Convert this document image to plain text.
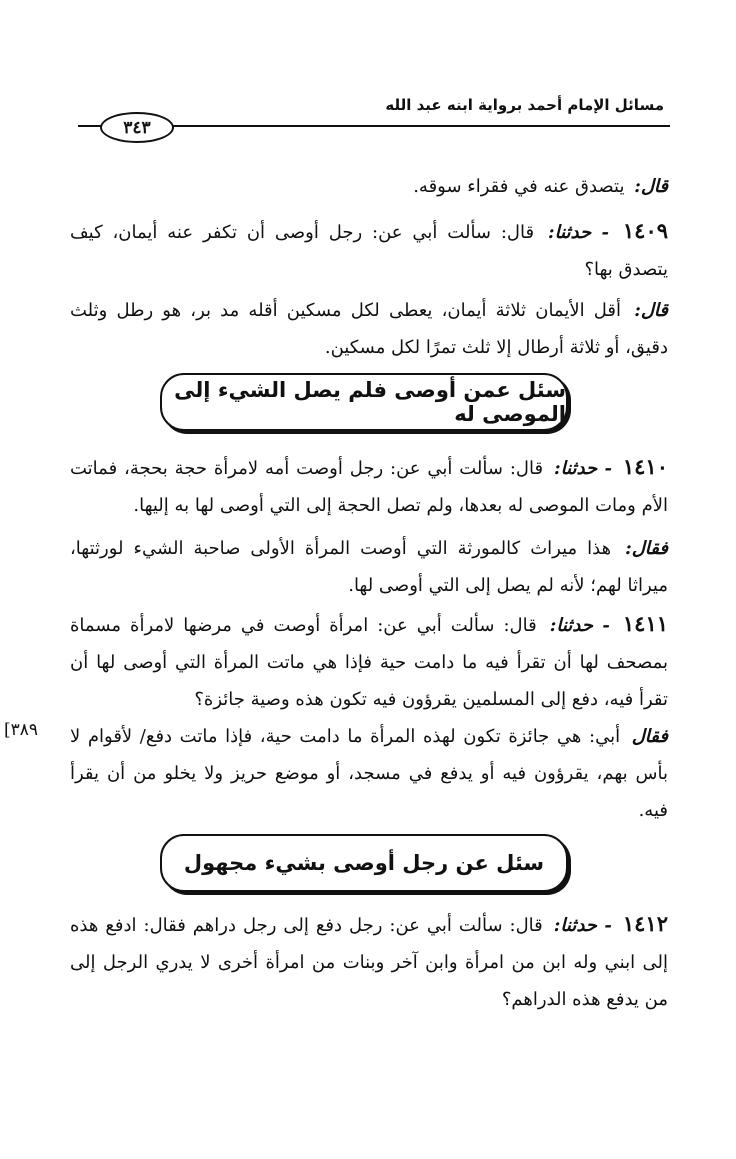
مسائل الإمام أحمد برواية ابنه عبد الله
٣٤٣
قال: يتصدق عنه في فقراء سوقه.
١٤٠٩ - حدثنا: قال: سألت أبي عن: رجل أوصى أن تكفر عنه أيمان، كيف يتصدق بها؟
قال: أقل الأيمان ثلاثة أيمان، يعطى لكل مسكين أقله مد بر، هو رطل وثلث دقيق، أو ثلاثة أرطال إلا ثلث تمرًا لكل مسكين.
سئل عمن أوصى فلم يصل الشيء إلى الموصى له
١٤١٠ - حدثنا: قال: سألت أبي عن: رجل أوصت أمه لامرأة حجة بحجة، فماتت الأم ومات الموصى له بعدها، ولم تصل الحجة إلى التي أوصى لها به إليها.
فقال: هذا ميراث كالمورثة التي أوصت المرأة الأولى صاحبة الشيء لورثتها، ميراثا لهم؛ لأنه لم يصل إلى التي أوصى لها.
١٤١١ - حدثنا: قال: سألت أبي عن: امرأة أوصت في مرضها لامرأة مسماة بمصحف لها أن تقرأ فيه ما دامت حية فإذا هي ماتت المرأة التي أوصى لها أن تقرأ فيه، دفع إلى المسلمين يقرؤون فيه تكون هذه وصية جائزة؟
٣٨٩]	فقال أبي: هي جائزة تكون لهذه المرأة ما دامت حية، فإذا ماتت دفع/ لأقوام لا بأس بهم، يقرؤون فيه أو يدفع في مسجد، أو موضع حريز ولا يخلو من أن يقرأ فيه.
سئل عن رجل أوصى بشيء مجهول
١٤١٢ - حدثنا: قال: سألت أبي عن: رجل دفع إلى رجل دراهم فقال: ادفع هذه إلى ابني وله ابن من امرأة وابن آخر وبنات من امرأة أخرى لا يدري الرجل إلى من يدفع هذه الدراهم؟
